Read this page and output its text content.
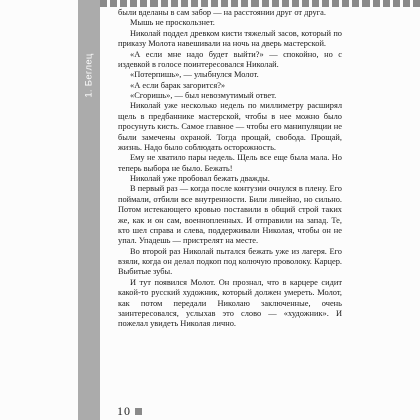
1. Беглец

были вделаны в сам забор — на расстоянии друг от друга.

Мышь не проскользнет.

Николай поддел древком кисти тяжелый засов, который по приказу Молота навешивали на ночь на дверь мастерской.

«А если мне надо будет выйти?» — спокойно, но с издевкой в голосе поинтересовался Николай.

«Потерпишь», — улыбнулся Молот.

«А если барак загорится?»

«Сгоришь», — был невозмутимый ответ.

Николай уже несколько недель по миллиметру расширял щель в предбаннике мастерской, чтобы в нее можно было просунуть кисть. Самое главное — чтобы его манипуляции не были замечены охраной. Тогда прощай, свобода. Прощай, жизнь. Надо было соблюдать осторожность.

Ему не хватило пары недель. Щель все еще была мала. Но теперь выбора не было. Бежать!

Николай уже пробовал бежать дважды.

В первый раз — когда после контузии очнулся в плену. Его поймали, отбили все внутренности. Били линейно, но сильно. Потом истекающего кровью поставили в общий строй таких же, как и он сам, военнопленных. И отправили на запад. Те, кто шел справа и слева, поддерживали Николая, чтобы он не упал. Упадешь — пристрелят на месте.

Во второй раз Николай пытался бежать уже из лагеря. Его взяли, когда он делал подкоп под колючую проволоку. Карцер. Выбитые зубы.

И тут появился Молот. Он прознал, что в карцере сидит какой-то русский художник, который должен умереть. Молот, как потом передали Николаю заключенные, очень заинтересовался, услыхав это слово — «художник». И пожелал увидеть Николая лично.

10
